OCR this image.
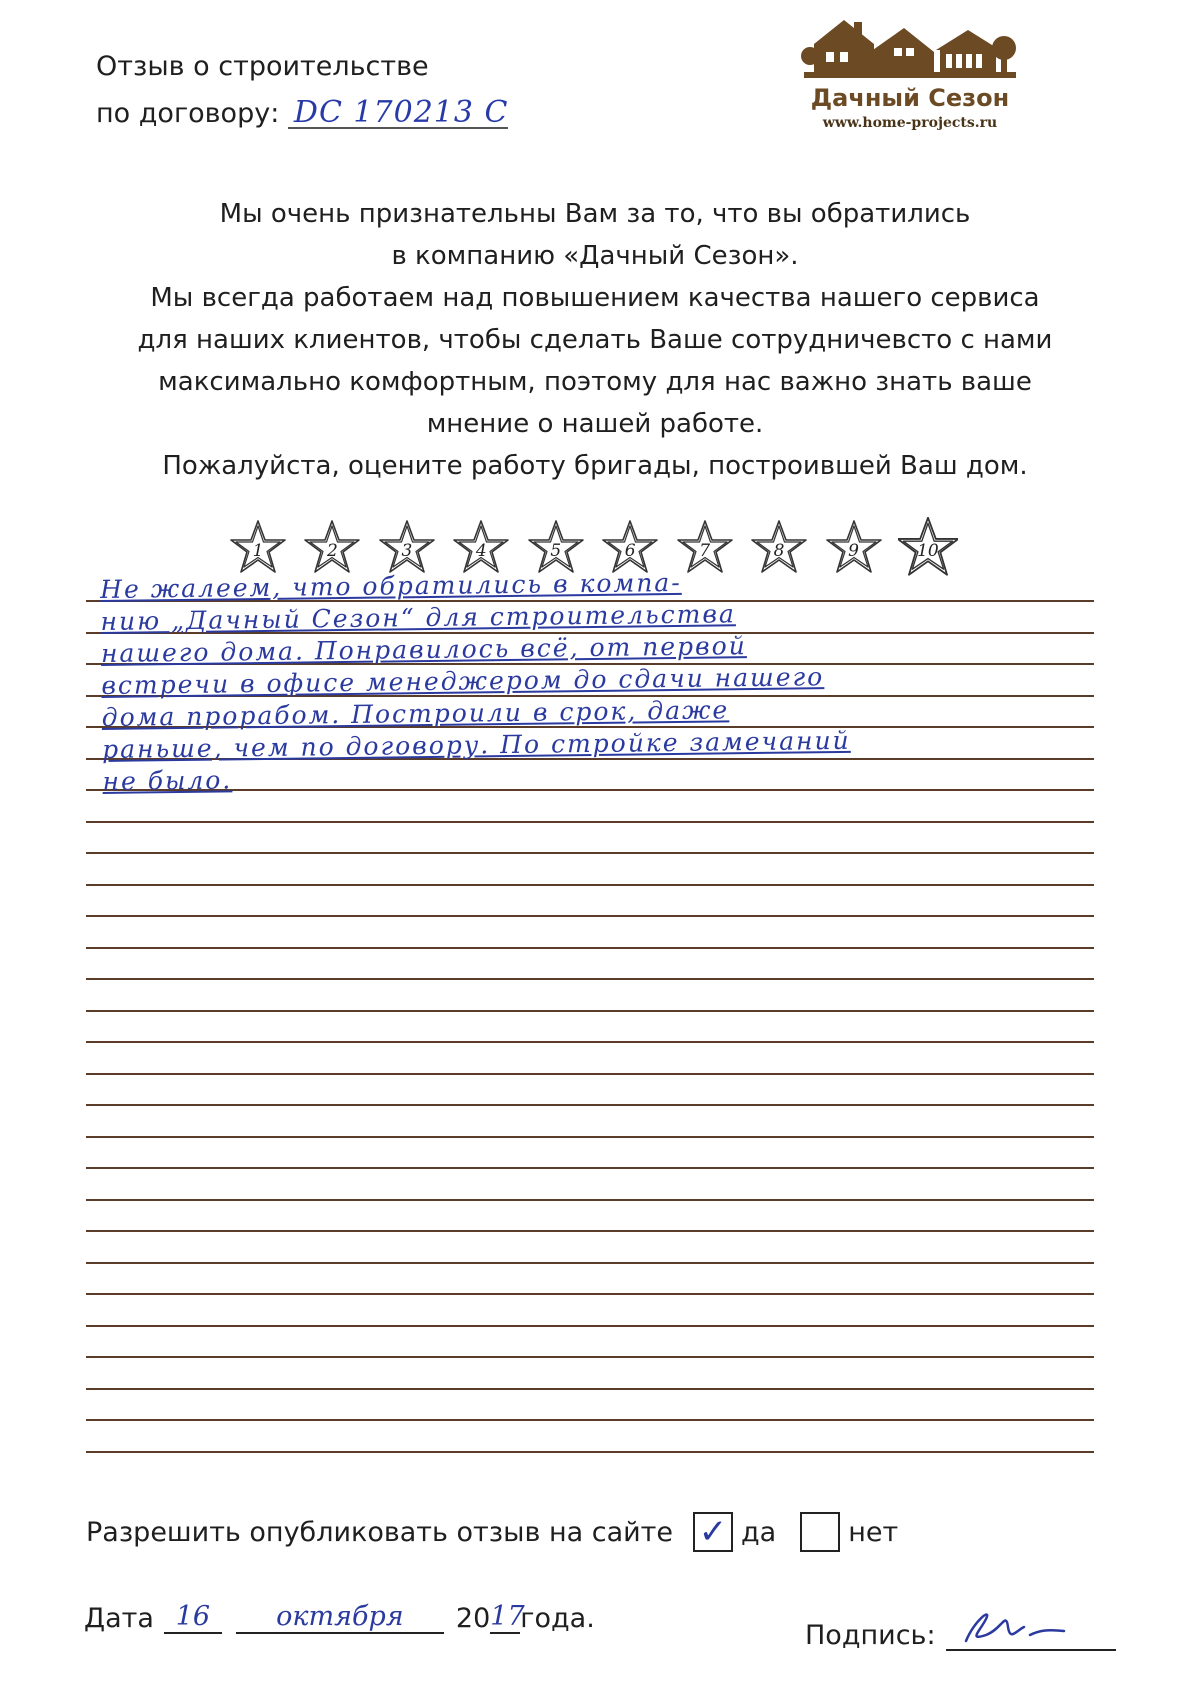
Отзыв о строительстве
по договору: DC 170213 C	Дачный Сезон
www.home-projects.ru

Мы очень признательны Вам за то, что вы обратились

в компанию «Дачный Сезон».

Мы всегда работаем над повышением качества нашего сервиса

для наших клиентов, чтобы сделать Ваше сотрудничевсто с нами

максимально комфортным, поэтому для нас важно знать ваше

мнение о нашей работе.

Пожалуйста, оцените работу бригады, построившей Ваш дом.

1	2	3	4	5	6	7	8	9	10
Не жалеем, что обратились в компа-
нию „Дачный Сезон“ для строительства
нашего дома. Понравилось всё, от первой
встречи в офисе менеджером до сдачи нашего
дома прорабом. Построили в срок, даже
раньше, чем по договору. По стройке замечаний
не было.
Разрешить опубликовать отзыв на сайте ✓ да	нет
Дата 16	октября	20 17
года.
Подпись:
